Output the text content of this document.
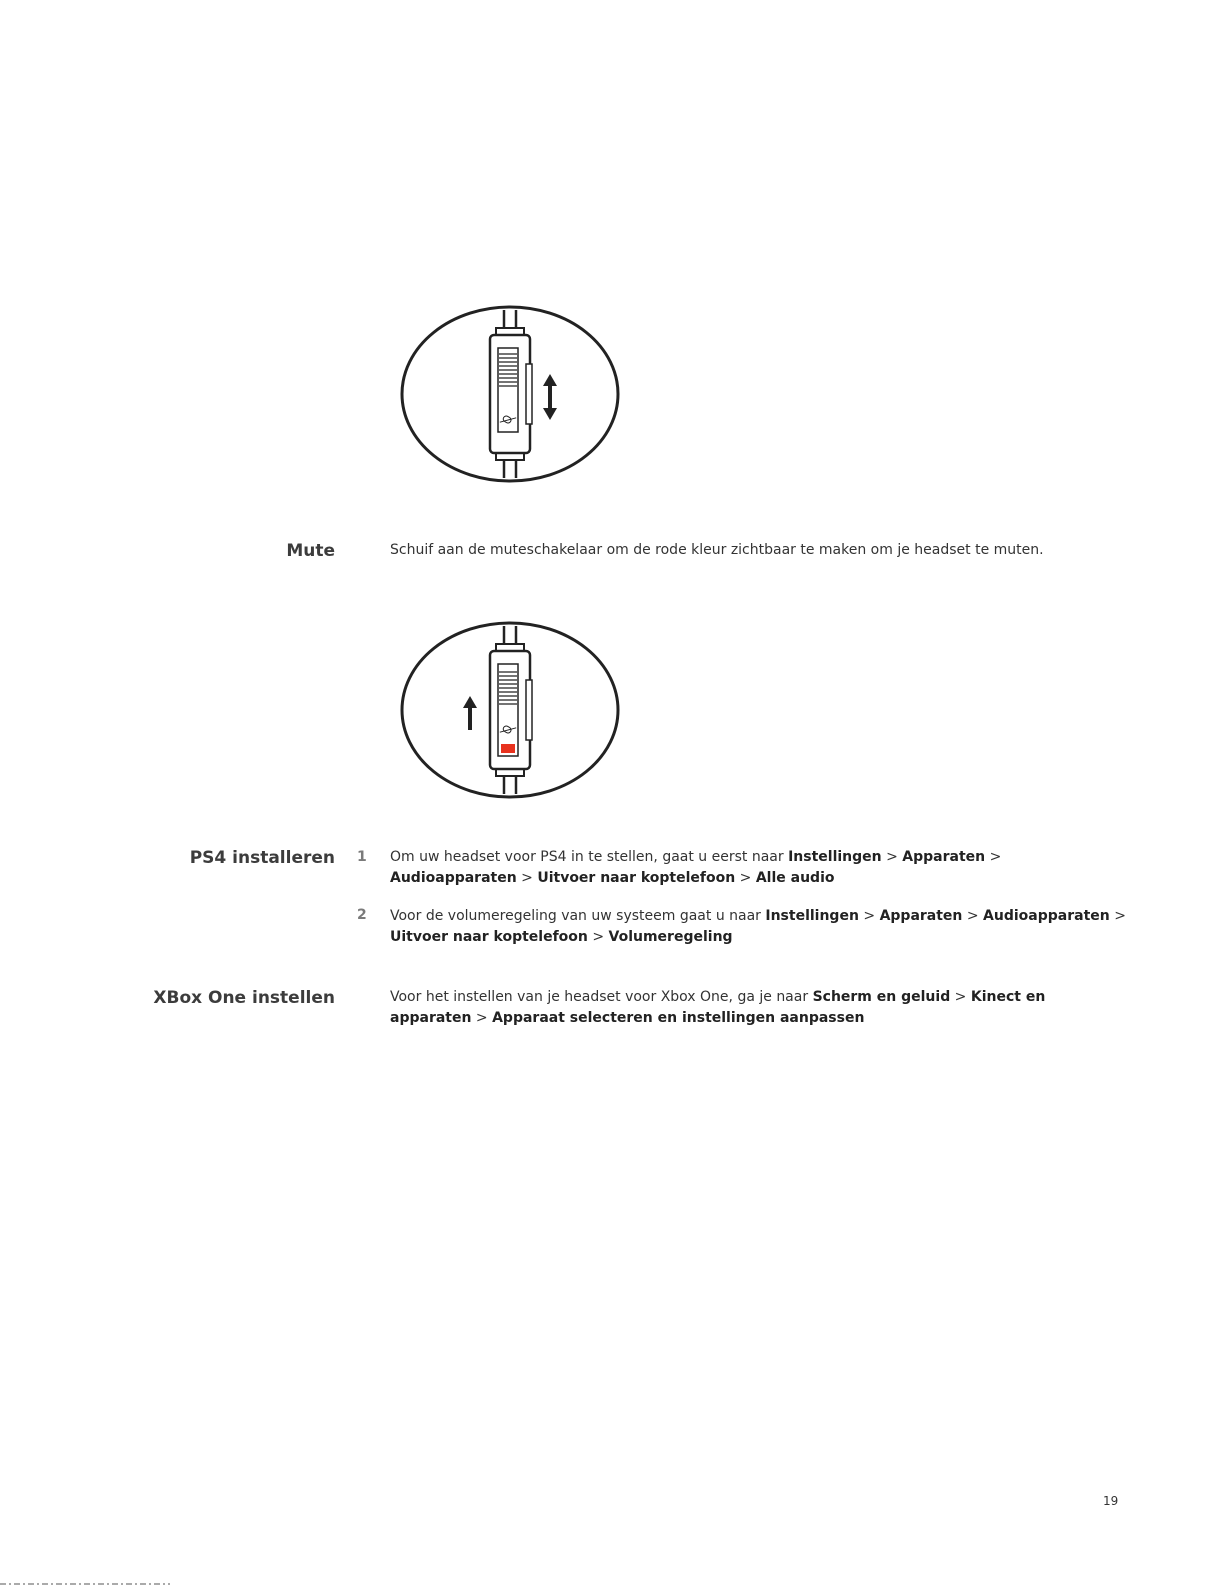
Mute	Schuif aan de muteschakelaar om de rode kleur zichtbaar te maken om je headset te muten.
PS4 installeren 1 Om uw headset voor PS4 in te stellen, gaat u eerst naar Instellingen > Apparaten >
Audioapparaten > Uitvoer naar koptelefoon > Alle audio
2 Voor de volumeregeling van uw systeem gaat u naar Instellingen > Apparaten > Audioapparaten >
Uitvoer naar koptelefoon > Volumeregeling
XBox One instellen	Voor het instellen van je headset voor Xbox One, ga je naar Scherm en geluid > Kinect en apparaten > Apparaat selecteren en instellingen aanpassen
19
